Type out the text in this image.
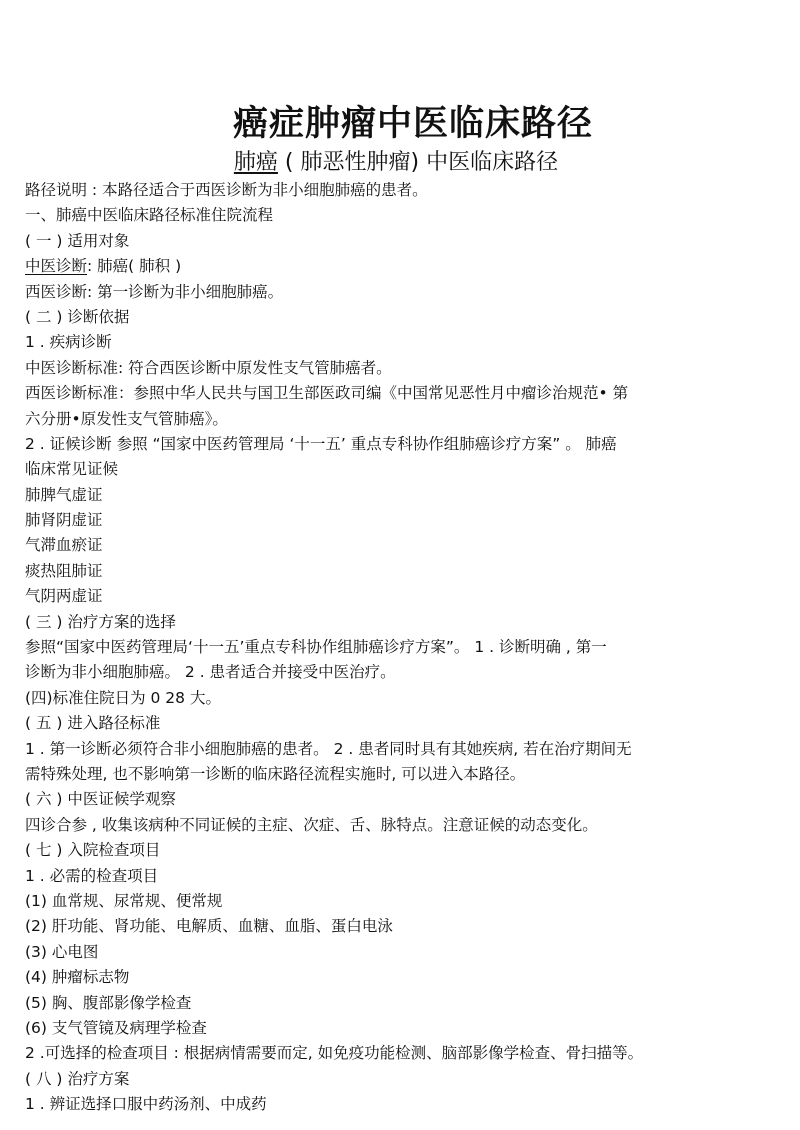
癌症肿瘤中医临床路径
肺癌 ( 肺恶性肿瘤) 中医临床路径
路径说明 : 本路径适合于西医诊断为非小细胞肺癌的患者。
一、肺癌中医临床路径标准住院流程
( 一 ) 适用对象
中医诊断: 肺癌( 肺积 )
西医诊断: 第一诊断为非小细胞肺癌。
( 二 ) 诊断依据
1 . 疾病诊断
中医诊断标准: 符合西医诊断中原发性支气管肺癌者。
西医诊断标准：参照中华人民共与国卫生部医政司编《中国常见恶性月中瘤诊治规范• 第
六分册•原发性支气管肺癌》。
2 . 证候诊断 参照 “国家中医药管理局 ‘十一五’ 重点专科协作组肺癌诊疗方案” 。 肺癌
临床常见证候
肺脾气虚证
肺肾阴虚证
气滞血瘀证
痰热阻肺证
气阴两虚证
( 三 ) 治疗方案的选择
参照“国家中医药管理局‘十一五’重点专科协作组肺癌诊疗方案”。 1 . 诊断明确 , 第一
诊断为非小细胞肺癌。 2 . 患者适合并接受中医治疗。
(四)标准住院日为 0 28 大。
( 五 ) 进入路径标准
1 . 第一诊断必须符合非小细胞肺癌的患者。 2 . 患者同时具有其她疾病, 若在治疗期间无
需特殊处理, 也不影响第一诊断的临床路径流程实施时, 可以进入本路径。
( 六 ) 中医证候学观察
四诊合参 , 收集该病种不同证候的主症、次症、舌、脉特点。注意证候的动态变化。
( 七 ) 入院检查项目
1 . 必需的检查项目
(1) 血常规、尿常规、便常规
(2) 肝功能、肾功能、电解质、血糖、血脂、蛋白电泳
(3) 心电图
(4) 肿瘤标志物
(5) 胸、腹部影像学检查
(6) 支气管镜及病理学检查
2 .可选择的检查项目 : 根据病情需要而定, 如免疫功能检测、脑部影像学检查、骨扫描等。
( 八 ) 治疗方案
1 . 辨证选择口服中药汤剂、中成药
